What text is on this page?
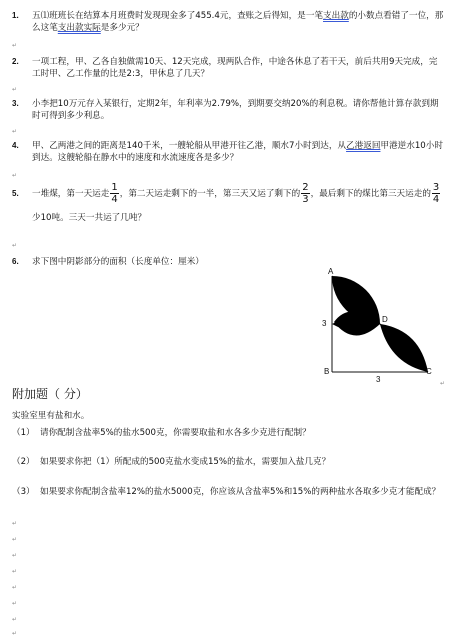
1. 五⑴班班长在结算本月班费时发现现金多了455.4元，查账之后得知，是一笔支出款的小数点看错了一位，那么这笔支出款实际是多少元？
↵
2. 一项工程，甲、乙各自独做需10天、12天完成，现两队合作，中途各休息了若干天，前后共用9天完成，完工时甲、乙工作量的比是2:3，甲休息了几天？
↵
3. 小李把10万元存入某银行，定期2年，年利率为2.79%，到期要交纳20%的利息税。请你帮他计算存款到期时可得到多少利息。
↵
4. 甲、乙两港之间的距离是140千米，一艘轮船从甲港开往乙港，顺水7小时到达，从乙港返回甲港逆水10小时到达。这艘轮船在静水中的速度和水流速度各是多少？
↵
5. 一堆煤，第一天运走 $\frac{1}{4}$ ，第二天运走剩下的一半，第三天又运了剩下的 $\frac{2}{3}$ ，最后剩下的煤比第三天运走的 $\frac{3}{4}$
少10吨。三天一共运了几吨？
↵
6. 求下图中阴影部分的面积（长度单位：厘米）
A
B	C
D
3
3	↵
附加题（ 分）
实验室里有盐和水。
（1） 请你配制含盐率5%的盐水500克，你需要取盐和水各多少克进行配制？
（2） 如果要求你把（1）所配成的500克盐水变成15%的盐水，需要加入盐几克？
（3） 如果要求你配制含盐率12%的盐水5000克，你应该从含盐率5%和15%的两种盐水各取多少克才能配成？
↵
↵
↵
↵
↵
↵
↵
↵
